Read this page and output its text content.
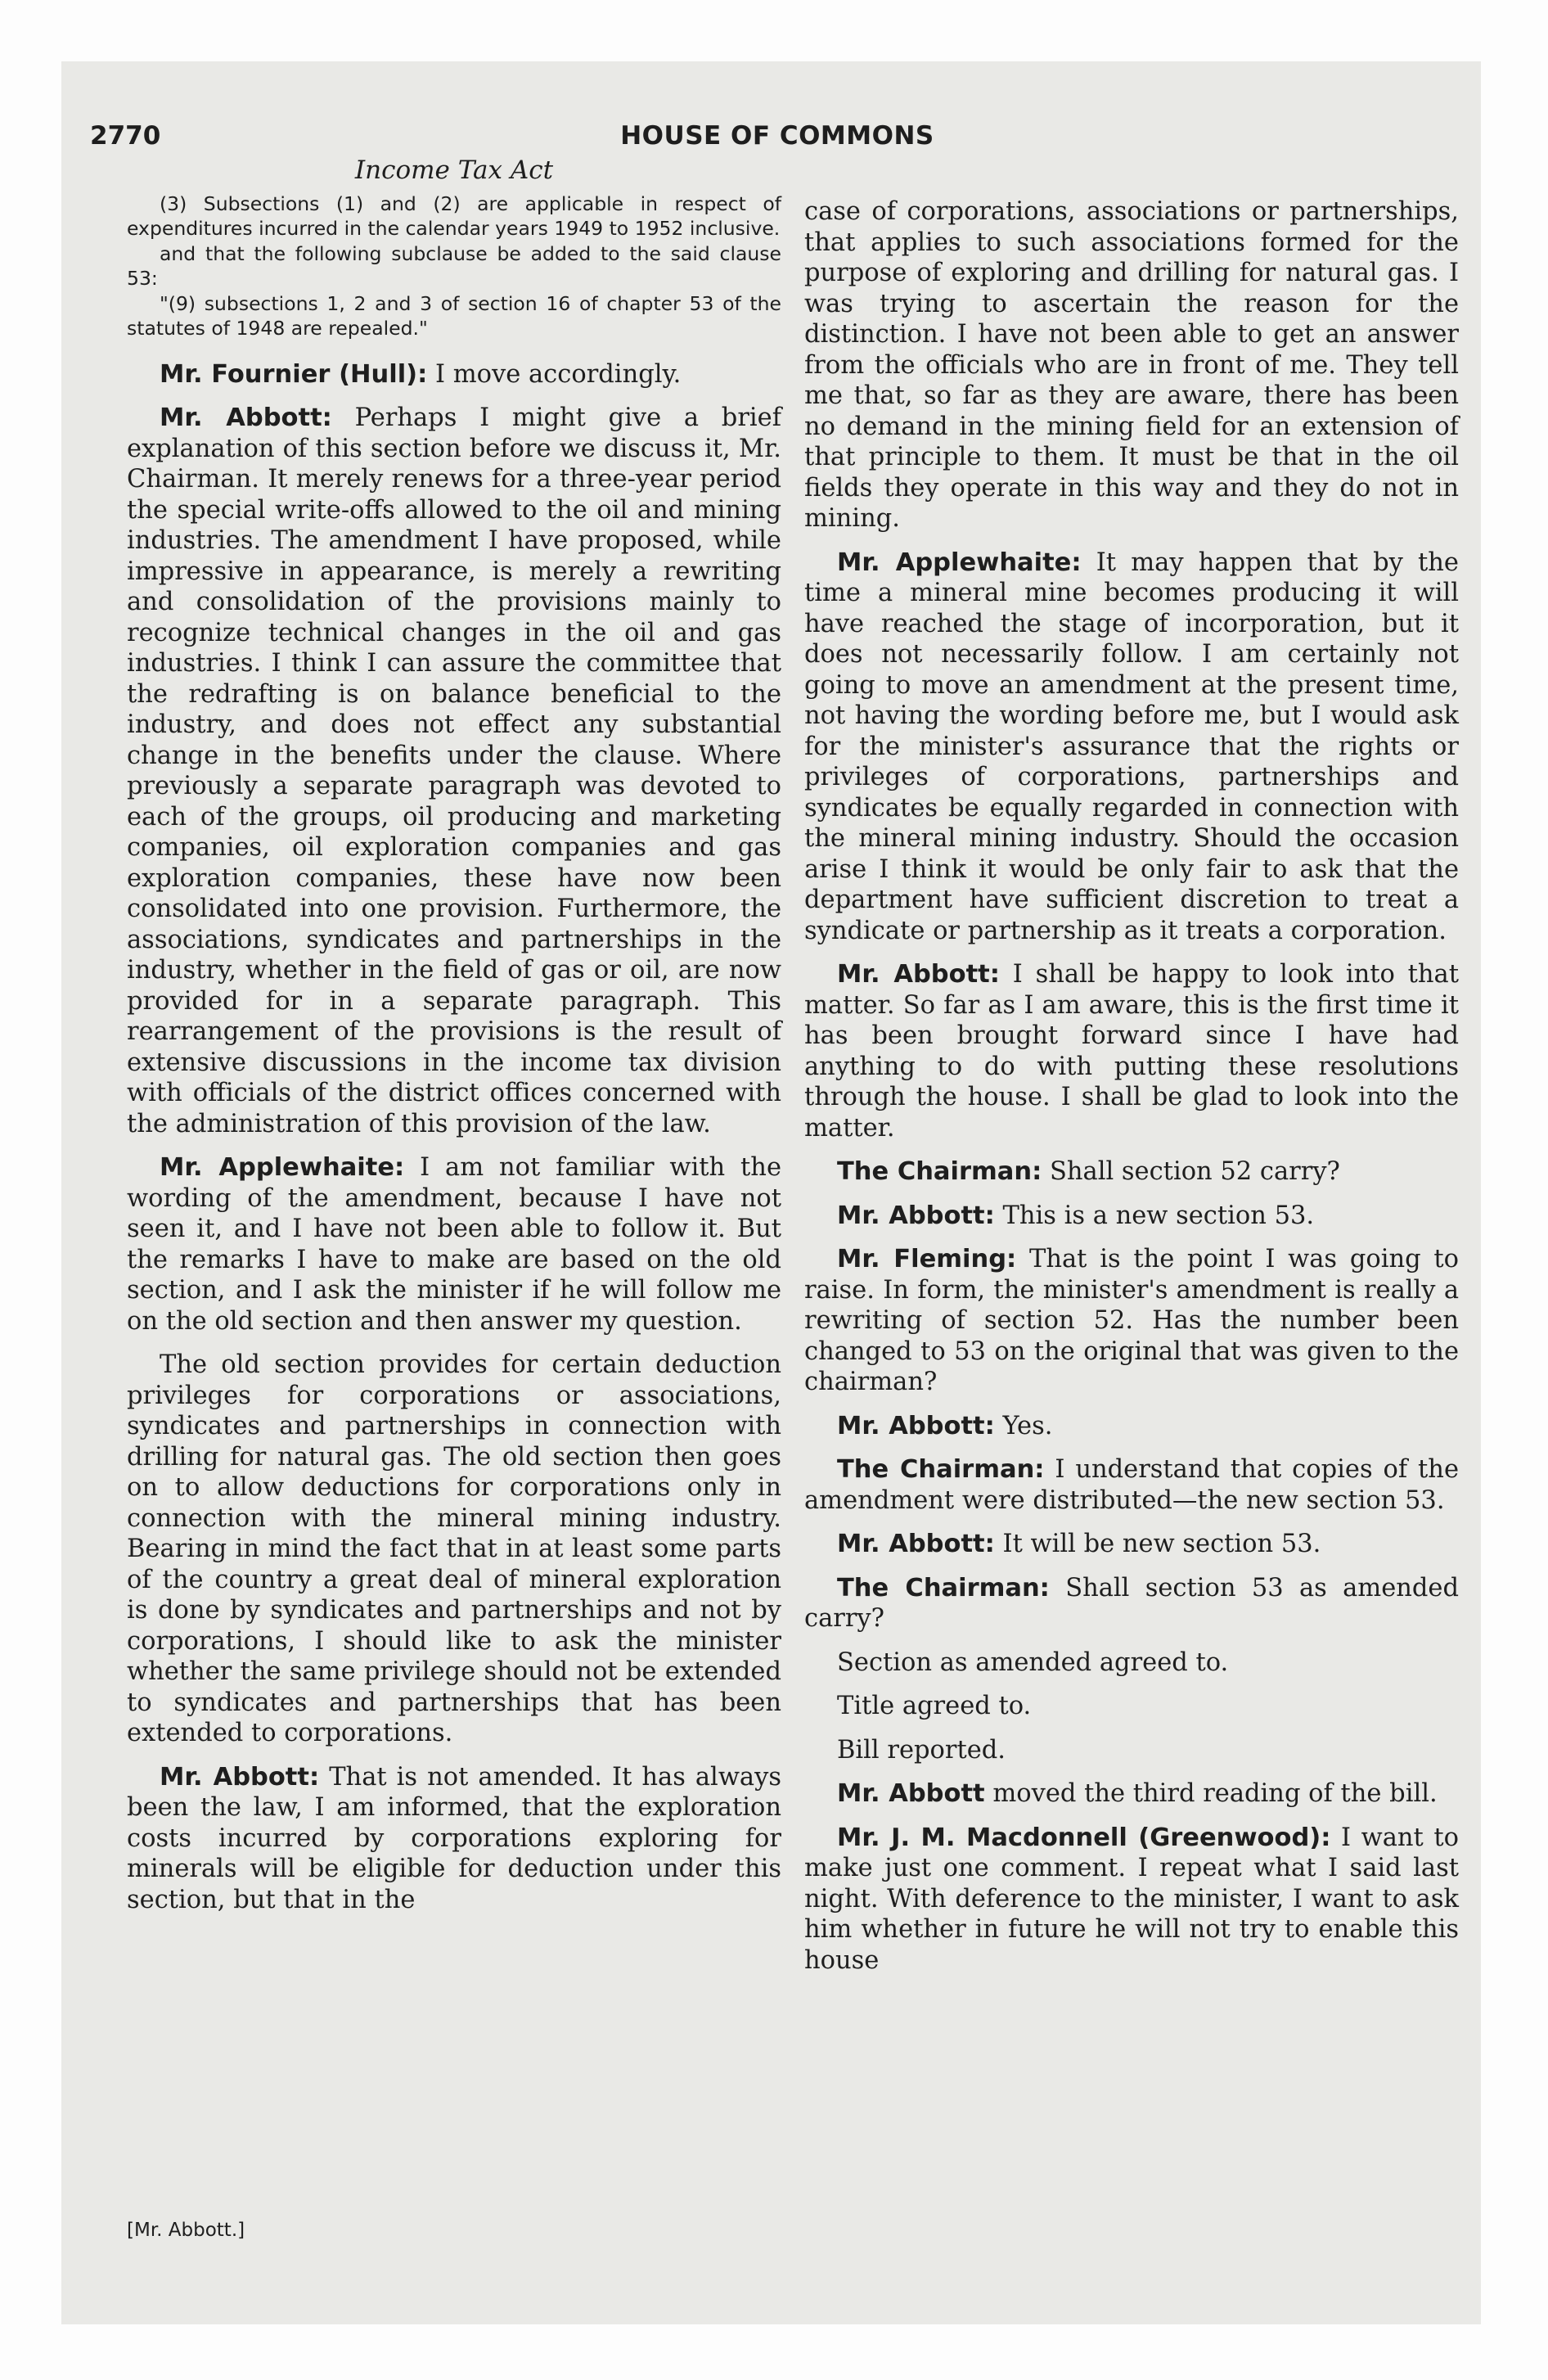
2770	HOUSE OF COMMONS
Income Tax Act

(3) Subsections (1) and (2) are applicable in respect of expenditures incurred in the calendar years 1949 to 1952 inclusive.

and that the following subclause be added to the said clause 53:

"(9) subsections 1, 2 and 3 of section 16 of chapter 53 of the statutes of 1948 are repealed."

Mr. Fournier (Hull): I move accordingly.

Mr. Abbott: Perhaps I might give a brief explanation of this section before we discuss it, Mr. Chairman. It merely renews for a three-year period the special write-offs allowed to the oil and mining industries. The amendment I have proposed, while impressive in appearance, is merely a rewriting and consolidation of the provisions mainly to recognize technical changes in the oil and gas industries. I think I can assure the committee that the redrafting is on balance beneficial to the industry, and does not effect any substantial change in the benefits under the clause. Where previously a separate paragraph was devoted to each of the groups, oil producing and marketing companies, oil exploration companies and gas exploration companies, these have now been consolidated into one provision. Furthermore, the associations, syndicates and partnerships in the industry, whether in the field of gas or oil, are now provided for in a separate paragraph. This rearrangement of the provisions is the result of extensive discussions in the income tax division with officials of the district offices concerned with the administration of this provision of the law.

Mr. Applewhaite: I am not familiar with the wording of the amendment, because I have not seen it, and I have not been able to follow it. But the remarks I have to make are based on the old section, and I ask the minister if he will follow me on the old section and then answer my question.

The old section provides for certain deduction privileges for corporations or associations, syndicates and partnerships in connection with drilling for natural gas. The old section then goes on to allow deductions for corporations only in connection with the mineral mining industry. Bearing in mind the fact that in at least some parts of the country a great deal of mineral exploration is done by syndicates and partnerships and not by corporations, I should like to ask the minister whether the same privilege should not be extended to syndicates and partnerships that has been extended to corporations.

Mr. Abbott: That is not amended. It has always been the law, I am informed, that the exploration costs incurred by corporations exploring for minerals will be eligible for deduction under this section, but that in the

case of corporations, associations or partnerships, that applies to such associations formed for the purpose of exploring and drilling for natural gas. I was trying to ascertain the reason for the distinction. I have not been able to get an answer from the officials who are in front of me. They tell me that, so far as they are aware, there has been no demand in the mining field for an extension of that principle to them. It must be that in the oil fields they operate in this way and they do not in mining.

Mr. Applewhaite: It may happen that by the time a mineral mine becomes producing it will have reached the stage of incorporation, but it does not necessarily follow. I am certainly not going to move an amendment at the present time, not having the wording before me, but I would ask for the minister's assurance that the rights or privileges of corporations, partnerships and syndicates be equally regarded in connection with the mineral mining industry. Should the occasion arise I think it would be only fair to ask that the department have sufficient discretion to treat a syndicate or partnership as it treats a corporation.

Mr. Abbott: I shall be happy to look into that matter. So far as I am aware, this is the first time it has been brought forward since I have had anything to do with putting these resolutions through the house. I shall be glad to look into the matter.

The Chairman: Shall section 52 carry?

Mr. Abbott: This is a new section 53.

Mr. Fleming: That is the point I was going to raise. In form, the minister's amendment is really a rewriting of section 52. Has the number been changed to 53 on the original that was given to the chairman?

Mr. Abbott: Yes.

The Chairman: I understand that copies of the amendment were distributed—the new section 53.

Mr. Abbott: It will be new section 53.

The Chairman: Shall section 53 as amended carry?

Section as amended agreed to.

Title agreed to.

Bill reported.

Mr. Abbott moved the third reading of the bill.

Mr. J. M. Macdonnell (Greenwood): I want to make just one comment. I repeat what I said last night. With deference to the minister, I want to ask him whether in future he will not try to enable this house

[Mr. Abbott.]
